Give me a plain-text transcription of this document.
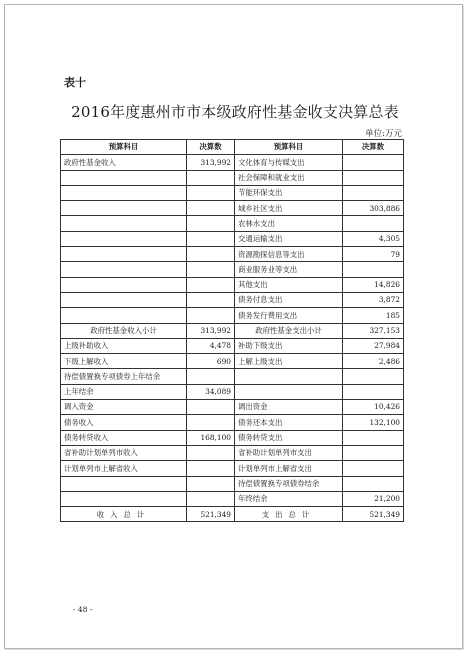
表十
2016年度惠州市市本级政府性基金收支决算总表
单位:万元
预算科目	决算数	预算科目	决算数
政府性基金收入	313,992	文化体育与传媒支出	
		社会保障和就业支出	
		节能环保支出	
		城乡社区支出	303,886
		农林水支出	
		交通运输支出	4,305
		资源勘探信息等支出	79
		商业服务业等支出	
		其他支出	14,826
		债务付息支出	3,872
		债务发行费用支出	185
政府性基金收入小计	313,992	政府性基金支出小计	327,153
上级补助收入	4,478	补助下级支出	27,984
下级上解收入	690	上解上级支出	2,486
待偿债置换专项债券上年结余			
上年结余	34,089		
调入资金		调出资金	10,426
债务收入		债务还本支出	132,100
债务转贷收入	168,100	债务转贷支出	
省补助计划单列市收入		省补助计划单列市支出	
计划单列市上解省收入		计划单列市上解省支出	
		待偿债置换专项债券结余	
		年终结余	21,200
收入总计	521,349	支出总计	521,349
- 48 -
